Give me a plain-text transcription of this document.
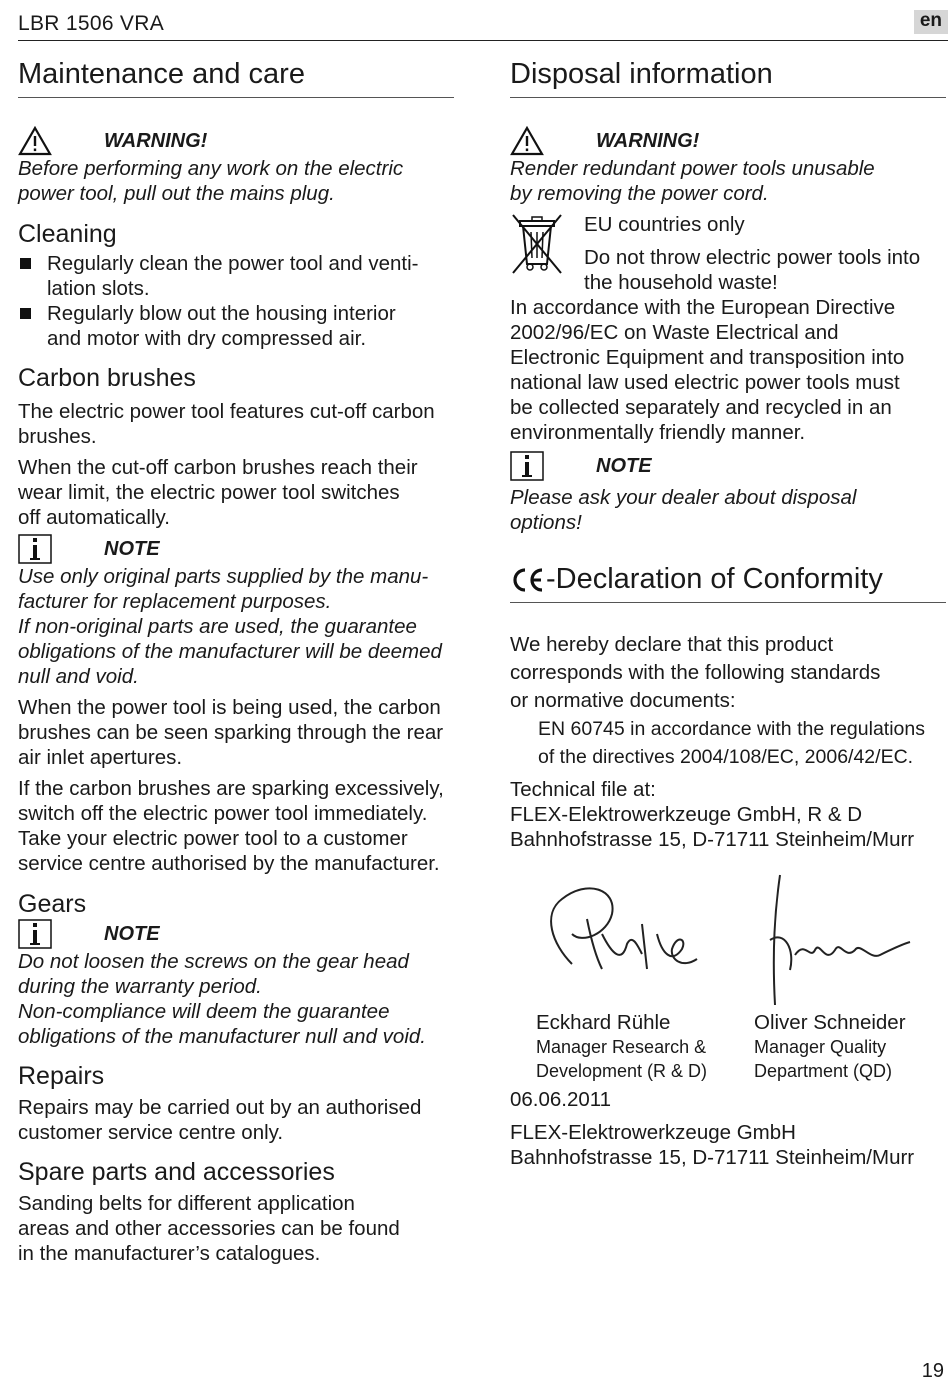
LBR 1506 VRA	en
Maintenance and care
WARNING!

Before performing any work on the electric

power tool, pull out the mains plug.

Cleaning
Regularly clean the power tool and venti-
lation slots.
Regularly blow out the housing interior
and motor with dry compressed air.
Carbon brushes

The electric power tool features cut-off carbon

brushes.

When the cut-off carbon brushes reach their

wear limit, the electric power tool switches

off automatically.

NOTE

Use only original parts supplied by the manu-

facturer for replacement purposes.

If non-original parts are used, the guarantee

obligations of the manufacturer will be deemed

null and void.

When the power tool is being used, the carbon

brushes can be seen sparking through the rear

air inlet apertures.

If the carbon brushes are sparking excessively,

switch off the electric power tool immediately.

Take your electric power tool to a customer

service centre authorised by the manufacturer.

Gears
NOTE

Do not loosen the screws on the gear head

during the warranty period.

Non-compliance will deem the guarantee

obligations of the manufacturer null and void.

Repairs

Repairs may be carried out by an authorised

customer service centre only.

Spare parts and accessories

Sanding belts for different application

areas and other accessories can be found

in the manufacturer’s catalogues.

Disposal information
WARNING!

Render redundant power tools unusable

by removing the power cord.

EU countries only

Do not throw electric power tools into

the household waste!

In accordance with the European Directive

2002/96/EC on Waste Electrical and

Electronic Equipment and transposition into

national law used electric power tools must

be collected separately and recycled in an

environmentally friendly manner.

NOTE

Please ask your dealer about disposal

options!

-Declaration of Conformity

We hereby declare that this product

corresponds with the following standards

or normative documents:

EN 60745 in accordance with the regulations

of the directives 2004/108/EC, 2006/42/EC.

Technical file at:

FLEX-Elektrowerkzeuge GmbH, R & D

Bahnhofstrasse 15, D-71711 Steinheim/Murr

Eckhard Rühle

Manager Research &

Development (R & D)

Oliver Schneider

Manager Quality

Department (QD)

06.06.2011

FLEX-Elektrowerkzeuge GmbH

Bahnhofstrasse 15, D-71711 Steinheim/Murr

19
